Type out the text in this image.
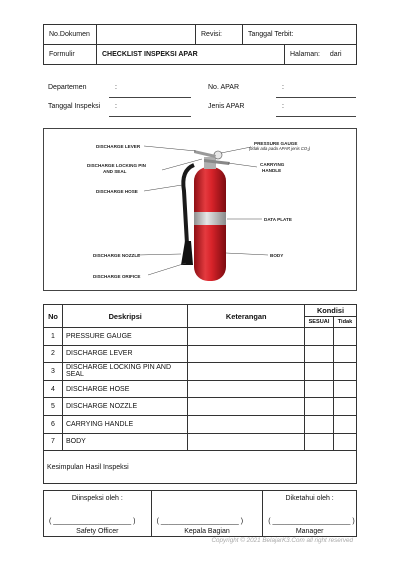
No.Dokumen		Revisi:	Tanggal Terbit:	
Formulir	CHECKLIST INSPEKSI APAR			Halaman: dari
Departemen	:	No. APAR	:
Tanggal Inspeksi :	Jenis APAR	:
DISCHARGE LEVER
DISCHARGE LOCKING PIN
AND SEAL
DISCHARGE HOSE
DISCHARGE NOZZLE
DISCHARGE ORIFICE
PRESSURE GAUGE
(tidak ada pada APAR jenis CO₂)
CARRYING
HANDLE
DATA PLATE
BODY
No	Deskripsi	Keterangan	Kondisi	
			SESUAI	Tidak
1	PRESSURE GAUGE			
2	DISCHARGE LEVER			
3	DISCHARGE LOCKING PIN AND SEAL			
4	DISCHARGE HOSE			
5	DISCHARGE NOZZLE			
6	CARRYING HANDLE			
7	BODY			
Kesimpulan Hasil Inspeksi				
Diinspeksi oleh :
( ____________________ )
Safety Officer

( ____________________ )
Kepala Bagian

Diketahui oleh :
( ____________________ )
Manager
Copyright © 2021 BelajarK3.Com all right reserved
